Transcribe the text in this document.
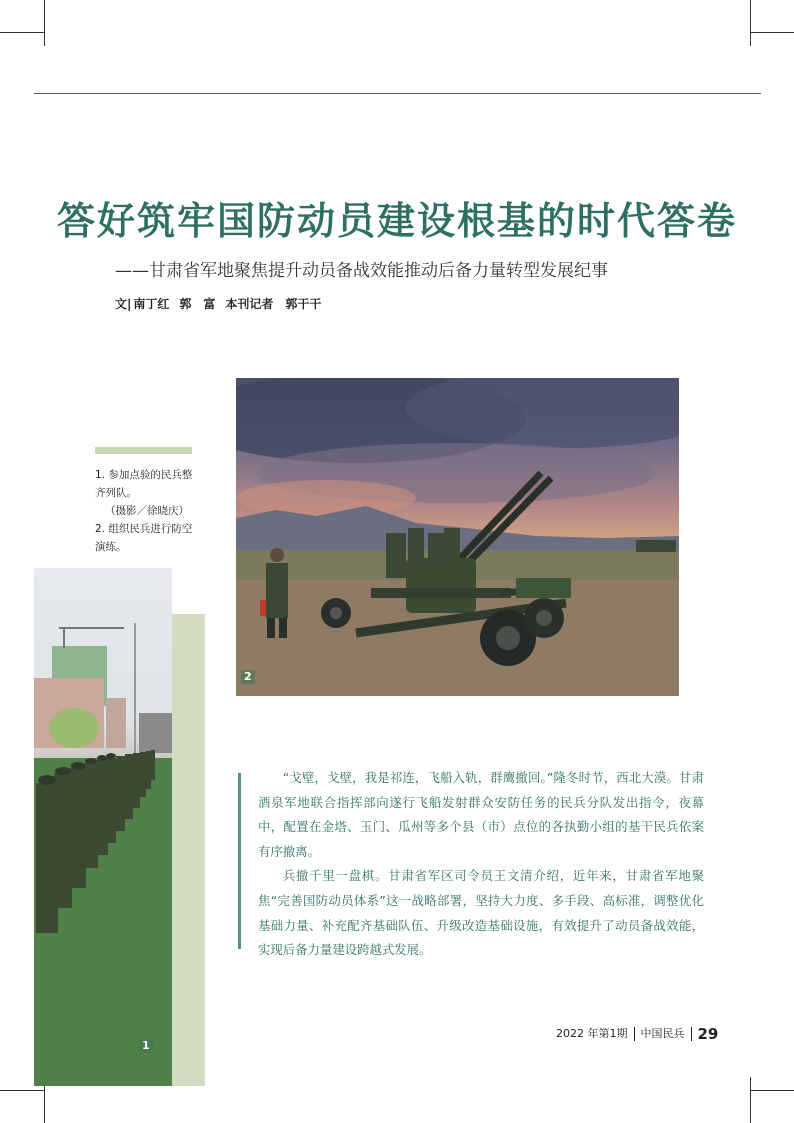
答好筑牢国防动员建设根基的时代答卷
——甘肃省军地聚焦提升动员备战效能推动后备力量转型发展纪事
文| 南丁红 郭　富 本刊记者　郭干干
2

1. 参加点验的民兵整齐列队。

（摄影／徐晓庆）

2. 组织民兵进行防空演练。

1

“戈壁，戈壁，我是祁连，飞船入轨，群鹰撤回。”隆冬时节，西北大漠。甘肃酒泉军地联合指挥部向遂行飞船发射群众安防任务的民兵分队发出指令，夜幕中，配置在金塔、玉门、瓜州等多个县（市）点位的各执勤小组的基干民兵依案有序撤离。

兵撤千里一盘棋。甘肃省军区司令员王文清介绍，近年来，甘肃省军地聚焦“完善国防动员体系”这一战略部署，坚持大力度、多手段、高标准，调整优化基础力量、补充配齐基础队伍、升级改造基础设施，有效提升了动员备战效能，实现后备力量建设跨越式发展。

2022 年第1期 中国民兵 29
